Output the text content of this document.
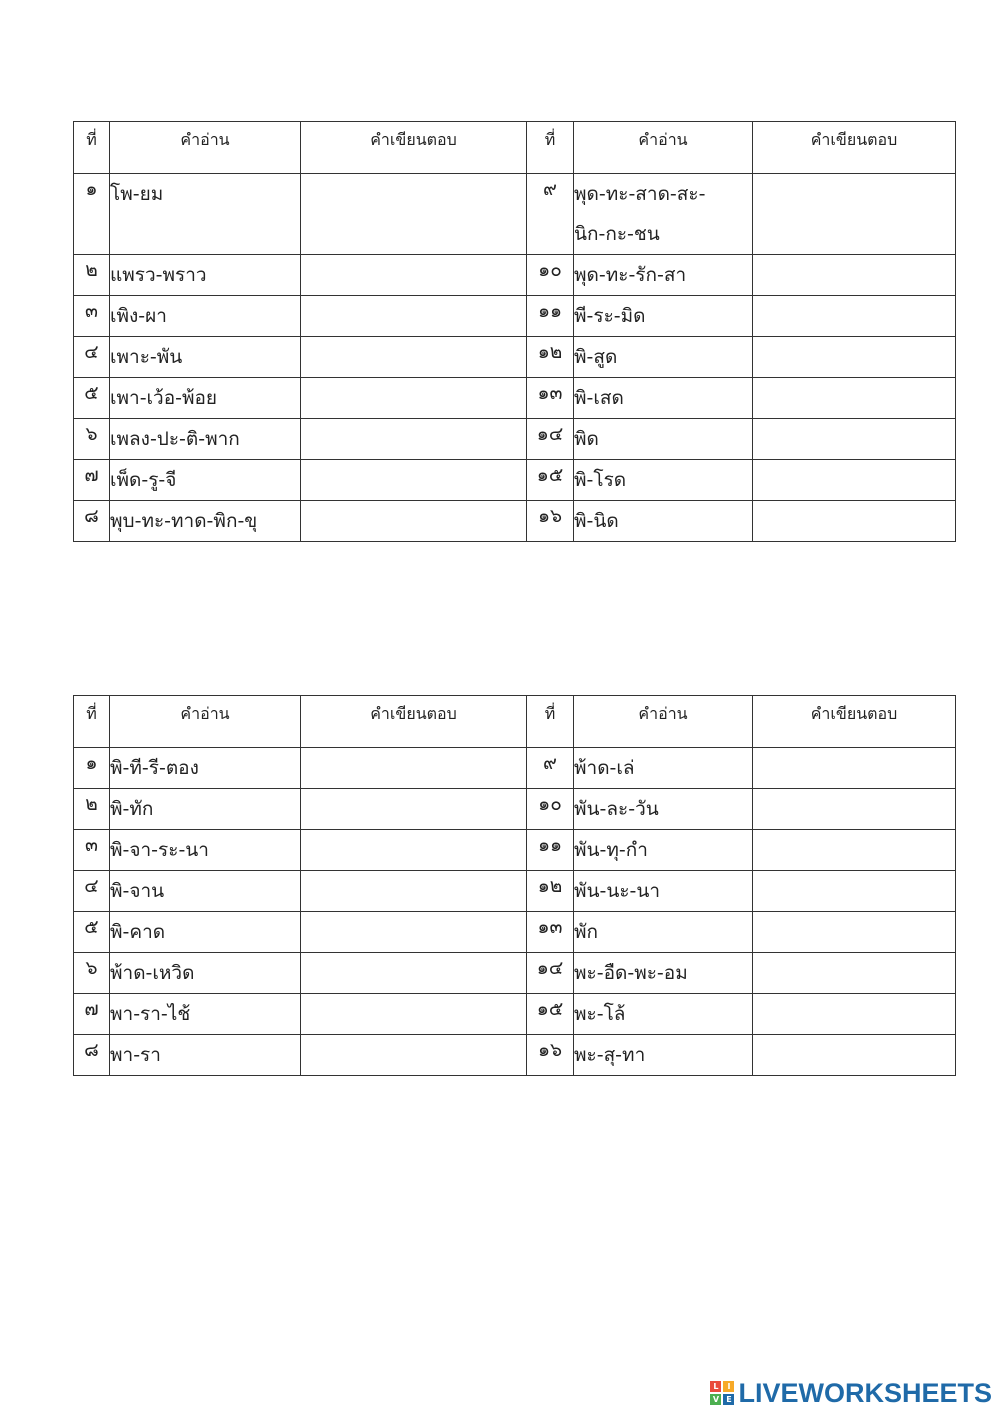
ที่	คำอ่าน	คำเขียนตอบ	ที่	คำอ่าน	คำเขียนตอบ
๑	โพ-ยม		๙	พุด-ทะ-สาด-สะ-
นิก-กะ-ชน	

๒	แพรว-พราว		๑๐	พุด-ทะ-รัก-สา	
๓	เพิง-ผา		๑๑	พี-ระ-มิด	
๔	เพาะ-พัน		๑๒	พิ-สูด	
๕	เพา-เว้อ-พ้อย		๑๓	พิ-เสด	
๖	เพลง-ปะ-ติ-พาก		๑๔	พิด	
๗	เพ็ด-รู-จี		๑๕	พิ-โรด	
๘	พุบ-ทะ-ทาด-พิก-ขุ		๑๖	พิ-นิด	
ที่	คำอ่าน	คำเขียนตอบ	ที่	คำอ่าน	คำเขียนตอบ
๑	พิ-ที-รี-ตอง		๙	พ้าด-เล่	
๒	พิ-ทัก		๑๐	พัน-ละ-วัน	
๓	พิ-จา-ระ-นา		๑๑	พัน-ทุ-กำ	
๔	พิ-จาน		๑๒	พัน-นะ-นา	
๕	พิ-คาด		๑๓	พัก	
๖	พ้าด-เหวิด		๑๔	พะ-อืด-พะ-อม	
๗	พา-รา-ไช้		๑๕	พะ-โล้	
๘	พา-รา		๑๖	พะ-สุ-ทา	
L	I
V E LIVEWORKSHEETS
